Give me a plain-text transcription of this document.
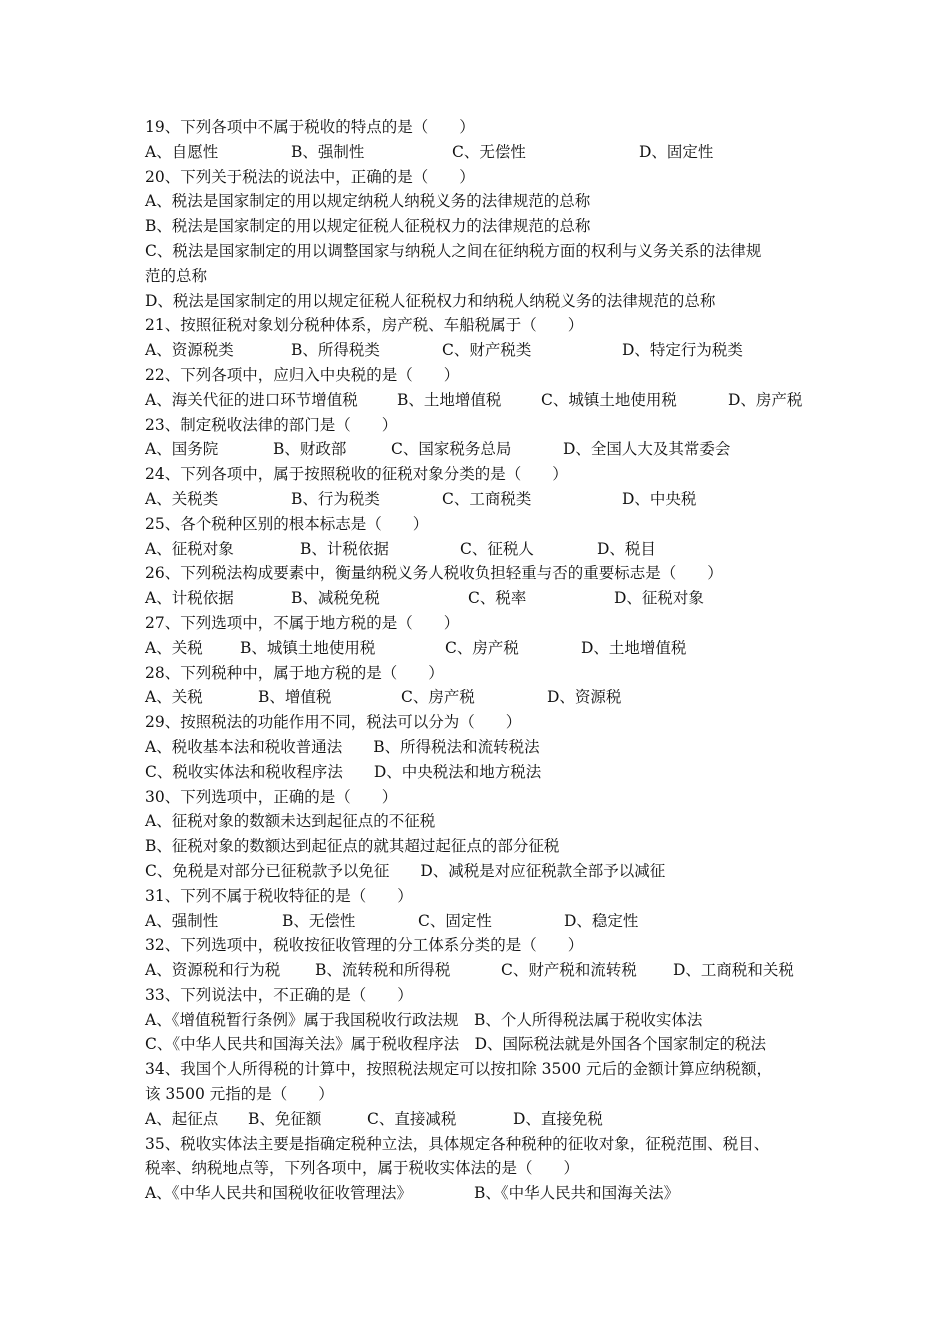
19、下列各项中不属于税收的特点的是（　　）
A、自愿性	B、强制性	C、无偿性	D、固定性
20、下列关于税法的说法中，正确的是（　　）
A、税法是国家制定的用以规定纳税人纳税义务的法律规范的总称
B、税法是国家制定的用以规定征税人征税权力的法律规范的总称
C、税法是国家制定的用以调整国家与纳税人之间在征纳税方面的权利与义务关系的法律规
范的总称
D、税法是国家制定的用以规定征税人征税权力和纳税人纳税义务的法律规范的总称
21、按照征税对象划分税种体系，房产税、车船税属于（　　）
A、资源税类	B、所得税类	C、财产税类	D、特定行为税类
22、下列各项中，应归入中央税的是（　　）
A、海关代征的进口环节增值税	B、土地增值税	C、城镇土地使用税	D、房产税
23、制定税收法律的部门是（　　）
A、国务院	B、财政部	C、国家税务总局	D、全国人大及其常委会
24、下列各项中，属于按照税收的征税对象分类的是（　　）
A、关税类	B、行为税类	C、工商税类	D、中央税
25、各个税种区别的根本标志是（　　）
A、征税对象	B、计税依据	C、征税人	D、税目
26、下列税法构成要素中，衡量纳税义务人税收负担轻重与否的重要标志是（　　）
A、计税依据	B、减税免税	C、税率	D、征税对象
27、下列选项中，不属于地方税的是（　　）
A、关税 B、城镇土地使用税	C、房产税	D、土地增值税
28、下列税种中，属于地方税的是（　　）
A、关税	B、增值税	C、房产税	D、资源税
29、按照税法的功能作用不同，税法可以分为（　　）
A、税收基本法和税收普通法　　B、所得税法和流转税法
C、税收实体法和税收程序法　　D、中央税法和地方税法
30、下列选项中，正确的是（　　）
A、征税对象的数额未达到起征点的不征税
B、征税对象的数额达到起征点的就其超过起征点的部分征税
C、免税是对部分已征税款予以免征　　D、减税是对应征税款全部予以减征
31、下列不属于税收特征的是（　　）
A、强制性	B、无偿性	C、固定性	D、稳定性
32、下列选项中，税收按征收管理的分工体系分类的是（　　）
A、资源税和行为税 B、流转税和所得税	C、财产税和流转税 D、工商税和关税
33、下列说法中，不正确的是（　　）
A、《增值税暂行条例》属于我国税收行政法规　B、个人所得税法属于税收实体法
C、《中华人民共和国海关法》属于税收程序法　D、国际税法就是外国各个国家制定的税法
34、我国个人所得税的计算中，按照税法规定可以按扣除 3500 元后的金额计算应纳税额，
该 3500 元指的是（　　）
A、起征点 B、免征额	C、直接减税	D、直接免税
35、税收实体法主要是指确定税种立法，具体规定各种税种的征收对象，征税范围、税目、
税率、纳税地点等，下列各项中，属于税收实体法的是（　　）
A、《中华人民共和国税收征收管理法》	B、《中华人民共和国海关法》
